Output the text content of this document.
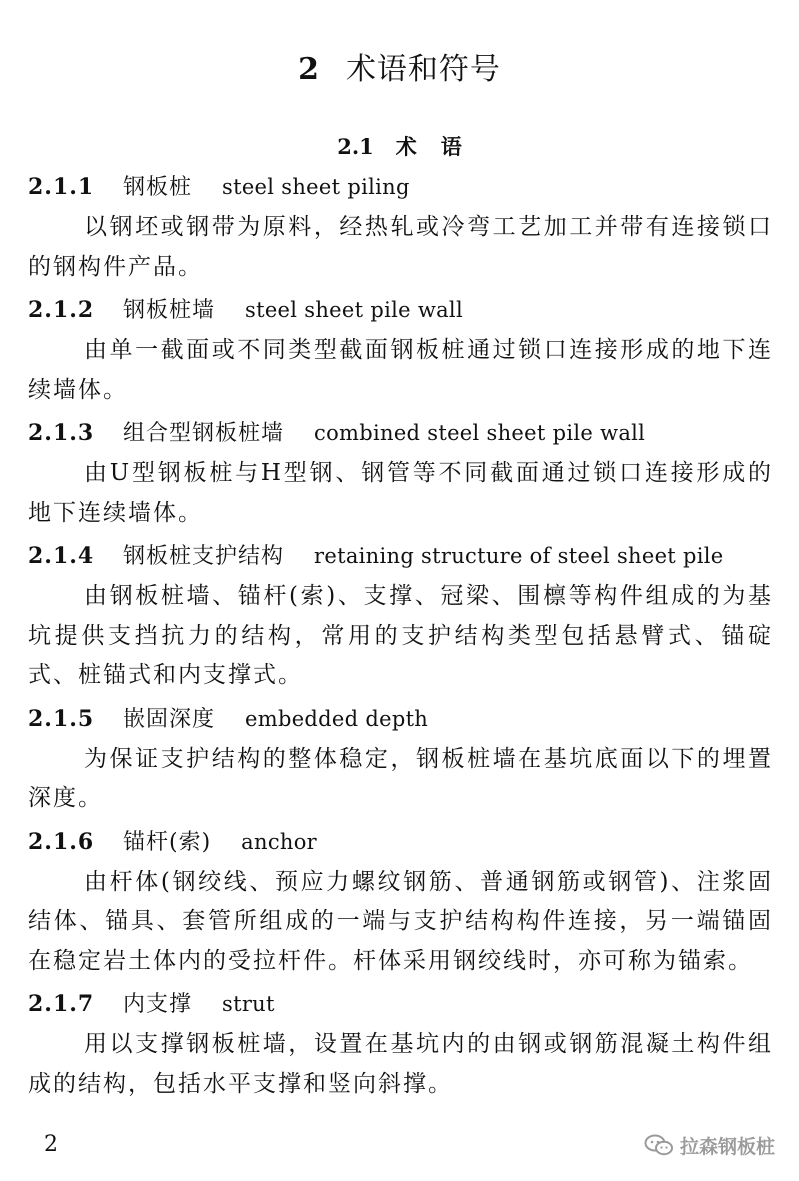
2 术语和符号
2.1 术语
2.1.1 钢板桩 steel sheet piling

以钢坯或钢带为原料，经热轧或冷弯工艺加工并带有连接锁口的钢构件产品。

2.1.2 钢板桩墙 steel sheet pile wall

由单一截面或不同类型截面钢板桩通过锁口连接形成的地下连续墙体。

2.1.3 组合型钢板桩墙 combined steel sheet pile wall

由U型钢板桩与H型钢、钢管等不同截面通过锁口连接形成的地下连续墙体。

2.1.4 钢板桩支护结构 retaining structure of steel sheet pile

由钢板桩墙、锚杆(索)、支撑、冠梁、围檩等构件组成的为基坑提供支挡抗力的结构，常用的支护结构类型包括悬臂式、锚碇式、桩锚式和内支撑式。

2.1.5 嵌固深度 embedded depth

为保证支护结构的整体稳定，钢板桩墙在基坑底面以下的埋置深度。

2.1.6 锚杆(索) anchor

由杆体(钢绞线、预应力螺纹钢筋、普通钢筋或钢管)、注浆固结体、锚具、套管所组成的一端与支护结构构件连接，另一端锚固在稳定岩土体内的受拉杆件。杆体采用钢绞线时，亦可称为锚索。

2.1.7 内支撑 strut

用以支撑钢板桩墙，设置在基坑内的由钢或钢筋混凝土构件组成的结构，包括水平支撑和竖向斜撑。

2	拉森钢板桩
